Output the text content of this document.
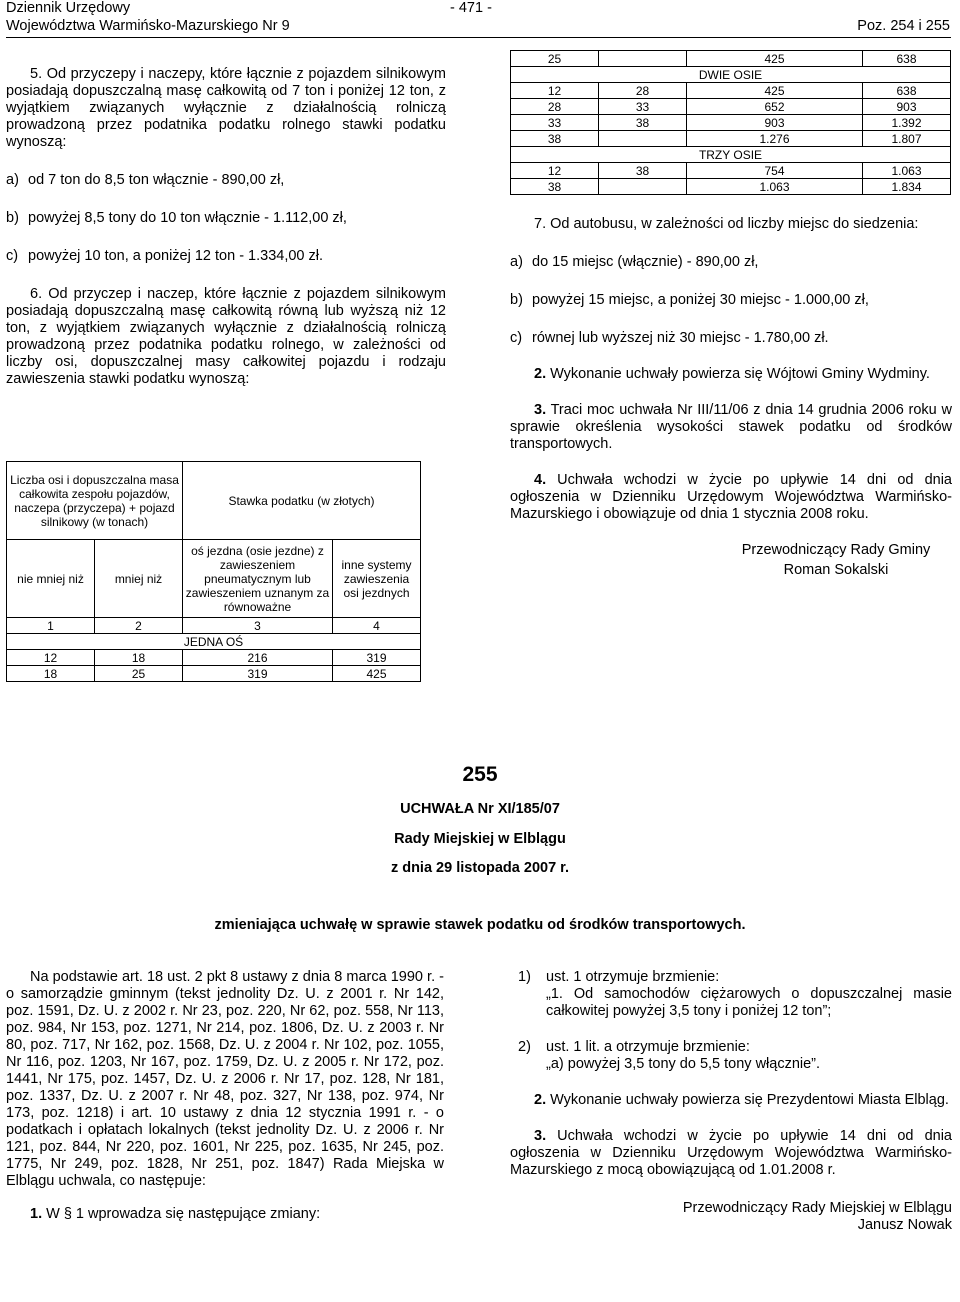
Dziennik Urzędowy
Województwa Warmińsko-Mazurskiego Nr 9
- 471 -
Poz. 254 i 255
5. Od przyczepy i naczepy, które łącznie z pojazdem silnikowym posiadają dopuszczalną masę całkowitą od 7 ton i poniżej 12 ton, z wyjątkiem związanych wyłącznie z działalnością rolniczą prowadzoną przez podatnika podatku rolnego stawki podatku wynoszą:
a) od 7 ton do 8,5 ton włącznie - 890,00 zł,
b) powyżej 8,5 tony do 10 ton włącznie - 1.112,00 zł,
c) powyżej 10 ton, a poniżej 12 ton - 1.334,00 zł.
6. Od przyczep i naczep, które łącznie z pojazdem silnikowym posiadają dopuszczalną masę całkowitą równą lub wyższą niż 12 ton, z wyjątkiem związanych wyłącznie z działalnością rolniczą prowadzoną przez podatnika podatku rolnego, w zależności od liczby osi, dopuszczalnej masy całkowitej pojazdu i rodzaju zawieszenia stawki podatku wynoszą:
Liczba osi i dopuszczalna masa całkowita zespołu pojazdów, naczepa (przyczepa) + pojazd silnikowy (w tonach)		Stawka podatku (w złotych)	
nie mniej niż	mniej niż	oś jezdna (osie jezdne) z zawieszeniem pneumatycznym lub zawieszeniem uznanym za równoważne	inne systemy zawieszenia osi jezdnych
1	2	3	4
JEDNA OŚ			
12	18	216	319
18	25	319	425
25		425	638
DWIE OSIE			
12	28	425	638
28	33	652	903
33	38	903	1.392
38		1.276	1.807
TRZY OSIE			
12	38	754	1.063
38		1.063	1.834
7. Od autobusu, w zależności od liczby miejsc do siedzenia:
a) do 15 miejsc (włącznie) - 890,00 zł,
b) powyżej 15 miejsc, a poniżej 30 miejsc - 1.000,00 zł,
c) równej lub wyższej niż 30 miejsc - 1.780,00 zł.
2. Wykonanie uchwały powierza się Wójtowi Gminy Wydminy.
3. Traci moc uchwała Nr III/11/06 z dnia 14 grudnia 2006 roku w sprawie określenia wysokości stawek podatku od środków transportowych.
4. Uchwała wchodzi w życie po upływie 14 dni od dnia ogłoszenia w Dzienniku Urzędowym Województwa Warmińsko-Mazurskiego i obowiązuje od dnia 1 stycznia 2008 roku.
Przewodniczący Rady Gminy
Roman Sokalski
255
UCHWAŁA Nr XI/185/07
Rady Miejskiej w Elblągu
z dnia 29 listopada 2007 r.
zmieniająca uchwałę w sprawie stawek podatku od środków transportowych.
Na podstawie art. 18 ust. 2 pkt 8 ustawy z dnia 8 marca 1990 r. - o samorządzie gminnym (tekst jednolity Dz. U. z 2001 r. Nr 142, poz. 1591, Dz. U. z 2002 r. Nr 23, poz. 220, Nr 62, poz. 558, Nr 113, poz. 984, Nr 153, poz. 1271, Nr 214, poz. 1806, Dz. U. z 2003 r. Nr 80, poz. 717, Nr 162, poz. 1568, Dz. U. z 2004 r. Nr 102, poz. 1055, Nr 116, poz. 1203, Nr 167, poz. 1759, Dz. U. z 2005 r. Nr 172, poz. 1441, Nr 175, poz. 1457, Dz. U. z 2006 r. Nr 17, poz. 128, Nr 181, poz. 1337, Dz. U. z 2007 r. Nr 48, poz. 327, Nr 138, poz. 974, Nr 173, poz. 1218) i art. 10 ustawy z dnia 12 stycznia 1991 r. - o podatkach i opłatach lokalnych (tekst jednolity Dz. U. z 2006 r. Nr 121, poz. 844, Nr 220, poz. 1601, Nr 225, poz. 1635, Nr 245, poz. 1775, Nr 249, poz. 1828, Nr 251, poz. 1847) Rada Miejska w Elblągu uchwala, co następuje:
1. W § 1 wprowadza się następujące zmiany:
1)	ust. 1 otrzymuje brzmienie:
„1. Od samochodów ciężarowych o dopuszczalnej masie całkowitej powyżej 3,5 tony i poniżej 12 ton”;
2)	ust. 1 lit. a otrzymuje brzmienie:
„a) powyżej 3,5 tony do 5,5 tony włącznie”.
2. Wykonanie uchwały powierza się Prezydentowi Miasta Elbląg.
3. Uchwała wchodzi w życie po upływie 14 dni od dnia ogłoszenia w Dzienniku Urzędowym Województwa Warmińsko-Mazurskiego z mocą obowiązującą od 1.01.2008 r.
Przewodniczący Rady Miejskiej w Elblągu
Janusz Nowak
